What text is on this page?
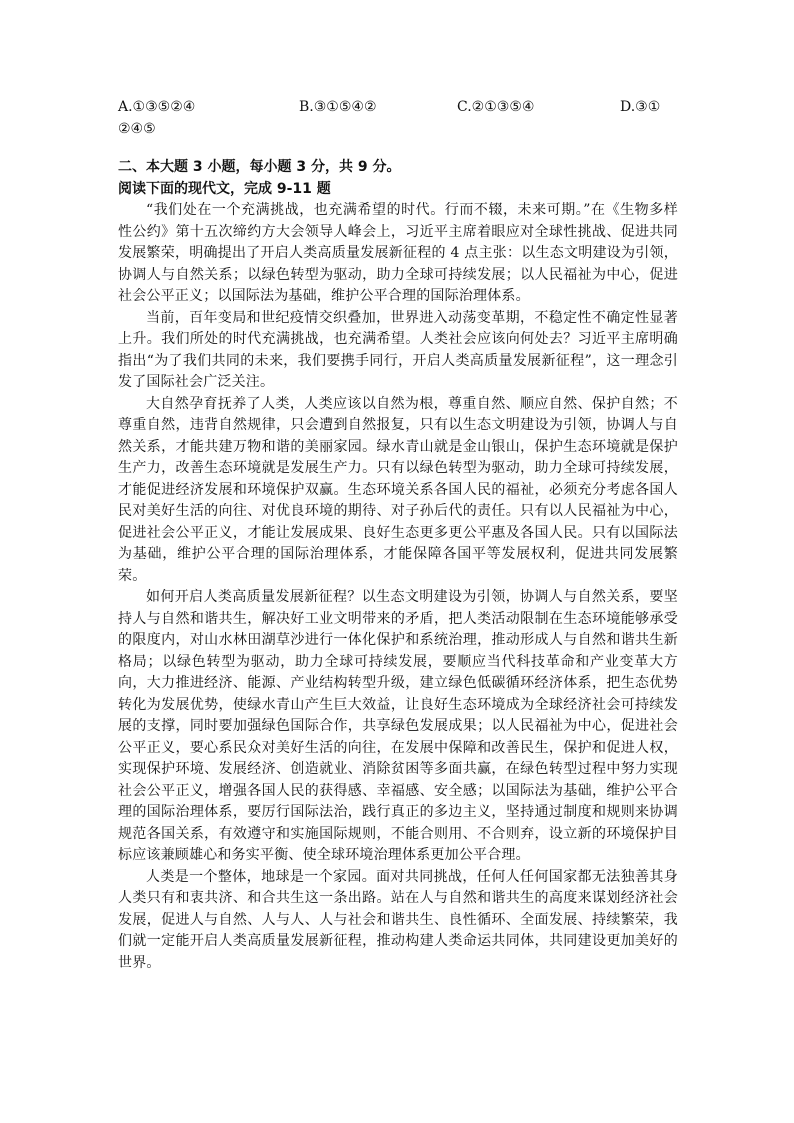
A.①③⑤②④	B.③①⑤④②	C.②①③⑤④	D.③①
②④⑤
二、本大题 3 小题，每小题 3 分，共 9 分。
阅读下面的现代文，完成 9-11 题

“我们处在一个充满挑战，也充满希望的时代。行而不辍，未来可期。”在《生物多样性公约》第十五次缔约方大会领导人峰会上，习近平主席着眼应对全球性挑战、促进共同发展繁荣，明确提出了开启人类高质量发展新征程的 4 点主张：以生态文明建设为引领，协调人与自然关系；以绿色转型为驱动，助力全球可持续发展；以人民福祉为中心，促进社会公平正义；以国际法为基础，维护公平合理的国际治理体系。

当前，百年变局和世纪疫情交织叠加，世界进入动荡变革期，不稳定性不确定性显著上升。我们所处的时代充满挑战，也充满希望。人类社会应该向何处去？习近平主席明确指出“为了我们共同的未来，我们要携手同行，开启人类高质量发展新征程”，这一理念引发了国际社会广泛关注。

大自然孕育抚养了人类，人类应该以自然为根，尊重自然、顺应自然、保护自然；不尊重自然，违背自然规律，只会遭到自然报复，只有以生态文明建设为引领，协调人与自然关系，才能共建万物和谐的美丽家园。绿水青山就是金山银山，保护生态环境就是保护生产力，改善生态环境就是发展生产力。只有以绿色转型为驱动，助力全球可持续发展，才能促进经济发展和环境保护双赢。生态环境关系各国人民的福祉，必须充分考虑各国人民对美好生活的向往、对优良环境的期待、对子孙后代的责任。只有以人民福祉为中心，促进社会公平正义，才能让发展成果、良好生态更多更公平惠及各国人民。只有以国际法为基础，维护公平合理的国际治理体系，才能保障各国平等发展权利，促进共同发展繁荣。

如何开启人类高质量发展新征程？以生态文明建设为引领，协调人与自然关系，要坚持人与自然和谐共生，解决好工业文明带来的矛盾，把人类活动限制在生态环境能够承受的限度内，对山水林田湖草沙进行一体化保护和系统治理，推动形成人与自然和谐共生新格局；以绿色转型为驱动，助力全球可持续发展，要顺应当代科技革命和产业变革大方向，大力推进经济、能源、产业结构转型升级，建立绿色低碳循环经济体系，把生态优势转化为发展优势，使绿水青山产生巨大效益，让良好生态环境成为全球经济社会可持续发展的支撑，同时要加强绿色国际合作，共享绿色发展成果；以人民福祉为中心，促进社会公平正义，要心系民众对美好生活的向往，在发展中保障和改善民生，保护和促进人权，实现保护环境、发展经济、创造就业、消除贫困等多面共赢，在绿色转型过程中努力实现社会公平正义，增强各国人民的获得感、幸福感、安全感；以国际法为基础，维护公平合理的国际治理体系，要厉行国际法治，践行真正的多边主义，坚持通过制度和规则来协调规范各国关系，有效遵守和实施国际规则，不能合则用、不合则弃，设立新的环境保护目标应该兼顾雄心和务实平衡、使全球环境治理体系更加公平合理。

人类是一个整体，地球是一个家园。面对共同挑战，任何人任何国家都无法独善其身人类只有和衷共济、和合共生这一条出路。站在人与自然和谐共生的高度来谋划经济社会发展，促进人与自然、人与人、人与社会和谐共生、良性循环、全面发展、持续繁荣，我们就一定能开启人类高质量发展新征程，推动构建人类命运共同体，共同建设更加美好的世界。
